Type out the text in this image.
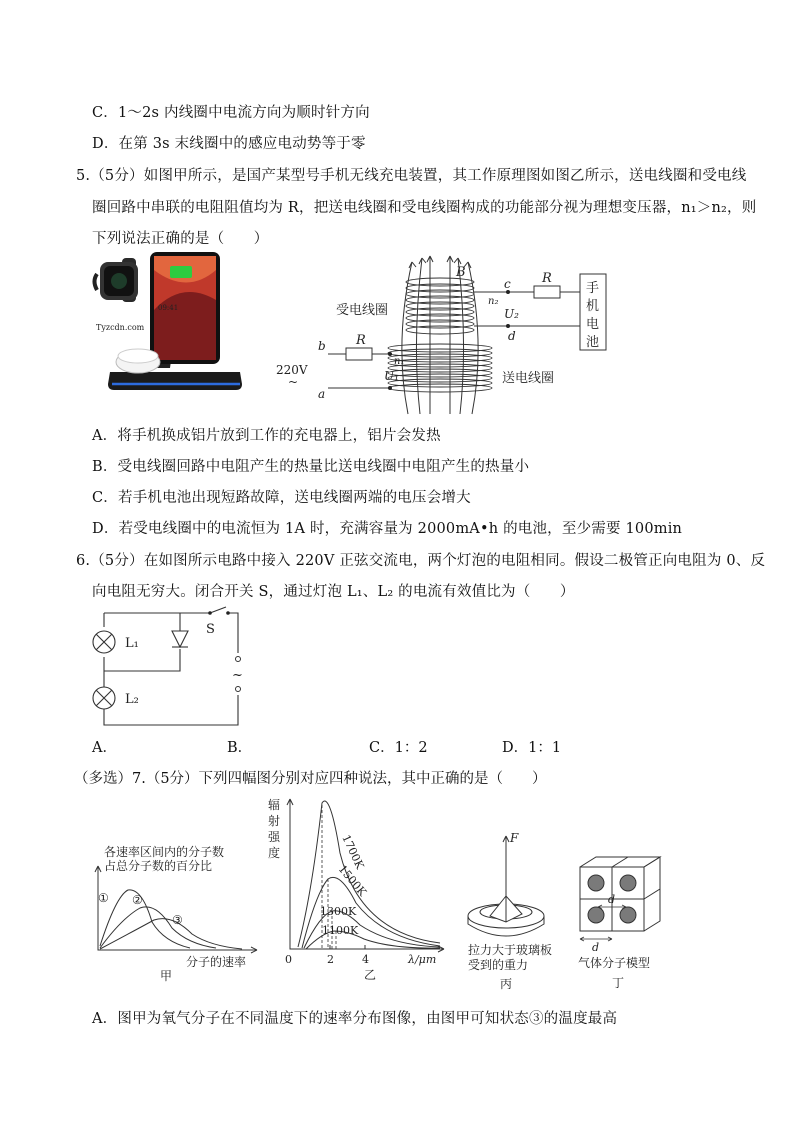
C．1～2s 内线圈中电流方向为顺时针方向
D．在第 3s 末线圈中的感应电动势等于零
5.（5分）如图甲所示，是国产某型号手机无线充电装置，其工作原理图如图乙所示，送电线圈和受电线
圈回路中串联的电阻阻值均为 R，把送电线圈和受电线圈构成的功能部分视为理想变压器，n₁＞n₂，则
下列说法正确的是（　　）
09:41
Tyzcdn.com
B
c
d
R
n₂
U₂
R
b
a
n₁
U₁
220V
~
受电线圈
送电线圈
手
机
电
池
A．将手机换成铝片放到工作的充电器上，铝片会发热
B．受电线圈回路中电阻产生的热量比送电线圈中电阻产生的热量小
C．若手机电池出现短路故障，送电线圈两端的电压会增大
D．若受电线圈中的电流恒为 1A 时，充满容量为 2000mA•h 的电池，至少需要 100min
6.（5分）在如图所示电路中接入 220V 正弦交流电，两个灯泡的电阻相同。假设二极管正向电阻为 0、反
向电阻无穷大。闭合开关 S，通过灯泡 L₁、L₂ 的电流有效值比为（　　）
L₁
L₂
S
~
A．	B．	C．1：2	D．1：1
（多选）7.（5分）下列四幅图分别对应四种说法，其中正确的是（　　）
各速率区间内的分子数
占总分子数的百分比
① ②
③
分子的速率
甲
辐
射
强
度	1700K
1500K
1300K
1100K
0	2	4	λ/μm
乙
F
拉力大于玻璃板
受到的重力
丙
d
d
气体分子模型
丁
A．图甲为氧气分子在不同温度下的速率分布图像，由图甲可知状态③的温度最高
